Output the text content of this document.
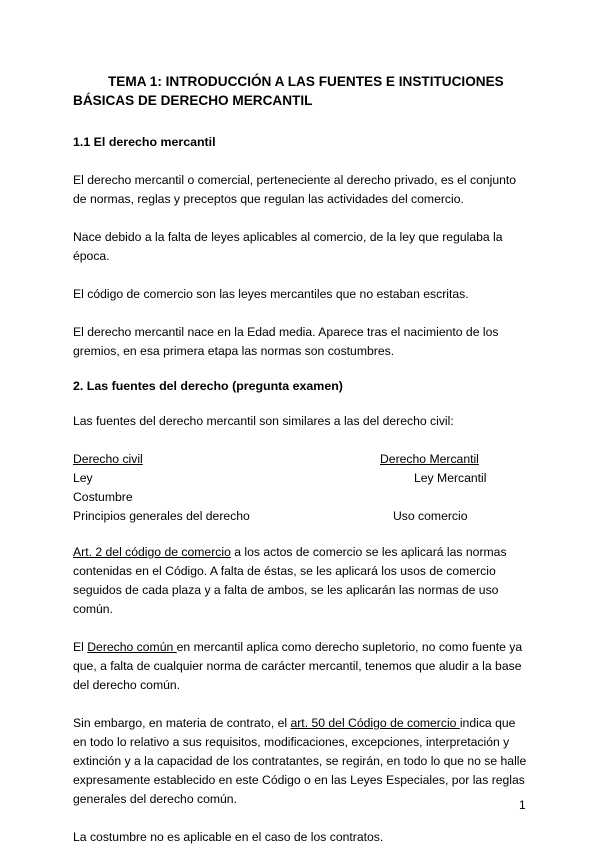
TEMA 1: INTRODUCCIÓN A LAS FUENTES E INSTITUCIONES BÁSICAS DE DERECHO MERCANTIL

1.1 El derecho mercantil

El derecho mercantil o comercial, perteneciente al derecho privado, es el conjunto de normas, reglas y preceptos que regulan las actividades del comercio.

Nace debido a la falta de leyes aplicables al comercio, de la ley que regulaba la época.

El código de comercio son las leyes mercantiles que no estaban escritas.

El derecho mercantil nace en la Edad media. Aparece tras el nacimiento de los gremios, en esa primera etapa las normas son costumbres.

2. Las fuentes del derecho (pregunta examen)

Las fuentes del derecho mercantil son similares a las del derecho civil:

Derecho civil	Derecho Mercantil
Ley	Ley Mercantil
Costumbre
Principios generales del derecho	Uso comercio

Art. 2 del código de comercio a los actos de comercio se les aplicará las normas contenidas en el Código. A falta de éstas, se les aplicará los usos de comercio seguidos de cada plaza y a falta de ambos, se les aplicarán las normas de uso común.

El Derecho común en mercantil aplica como derecho supletorio, no como fuente ya que, a falta de cualquier norma de carácter mercantil, tenemos que aludir a la base del derecho común.

Sin embargo, en materia de contrato, el art. 50 del Código de comercio indica que en todo lo relativo a sus requisitos, modificaciones, excepciones, interpretación y extinción y a la capacidad de los contratantes, se regirán, en todo lo que no se halle expresamente establecido en este Código o en las Leyes Especiales, por las reglas generales del derecho común.

La costumbre no es aplicable en el caso de los contratos.

1
